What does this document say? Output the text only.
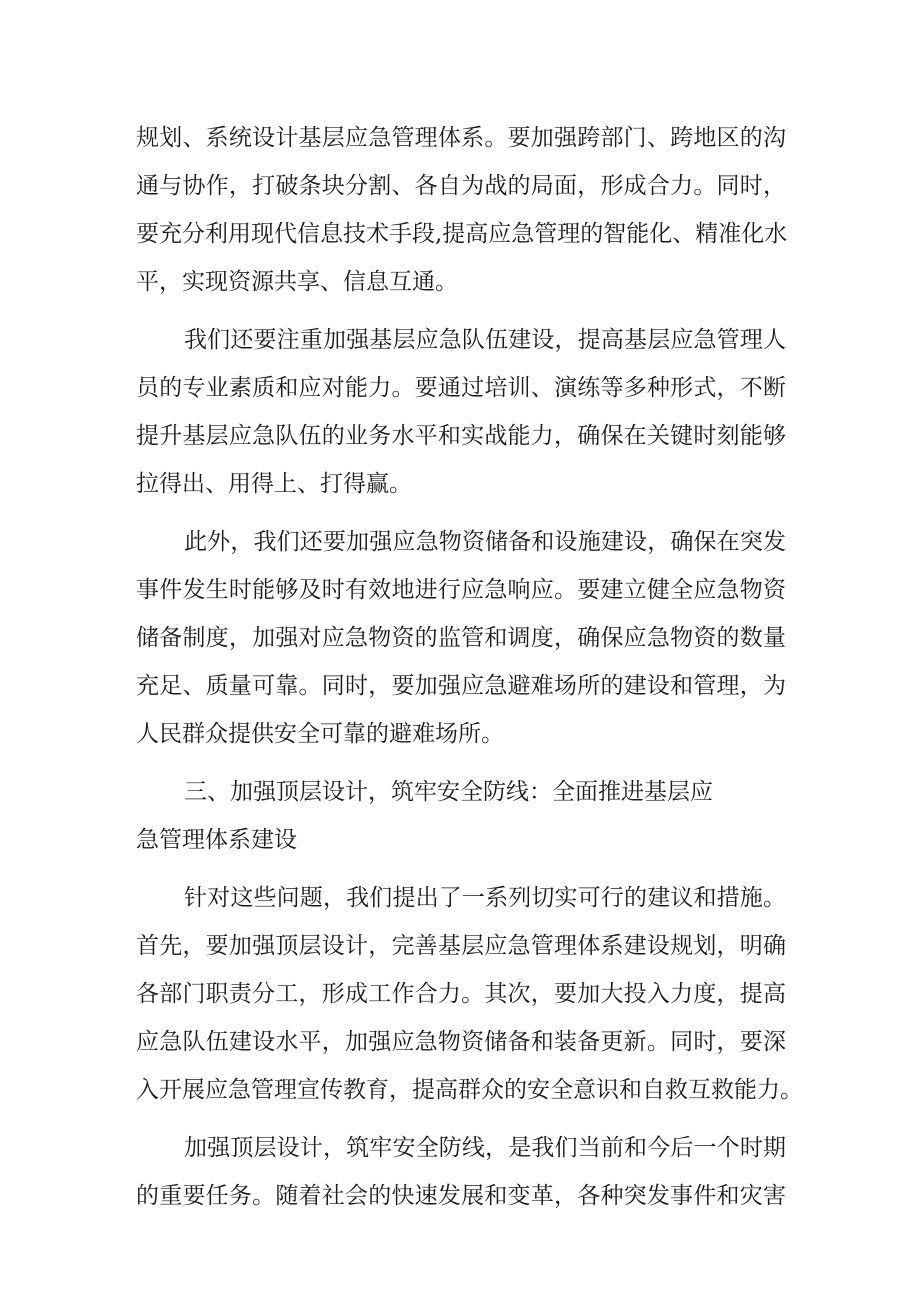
规划、系统设计基层应急管理体系。要加强跨部门、跨地区的沟
通与协作，打破条块分割、各自为战的局面，形成合力。同时，
要充分利用现代信息技术手段,提高应急管理的智能化、精准化水
平，实现资源共享、信息互通。
我们还要注重加强基层应急队伍建设，提高基层应急管理人
员的专业素质和应对能力。要通过培训、演练等多种形式，不断
提升基层应急队伍的业务水平和实战能力，确保在关键时刻能够
拉得出、用得上、打得赢。
此外，我们还要加强应急物资储备和设施建设，确保在突发
事件发生时能够及时有效地进行应急响应。要建立健全应急物资
储备制度，加强对应急物资的监管和调度，确保应急物资的数量
充足、质量可靠。同时，要加强应急避难场所的建设和管理，为
人民群众提供安全可靠的避难场所。
三、加强顶层设计，筑牢安全防线：全面推进基层应
急管理体系建设
针对这些问题，我们提出了一系列切实可行的建议和措施。
首先，要加强顶层设计，完善基层应急管理体系建设规划，明确
各部门职责分工，形成工作合力。其次，要加大投入力度，提高
应急队伍建设水平，加强应急物资储备和装备更新。同时，要深
入开展应急管理宣传教育，提高群众的安全意识和自救互救能力。
加强顶层设计，筑牢安全防线，是我们当前和今后一个时期
的重要任务。随着社会的快速发展和变革，各种突发事件和灾害
